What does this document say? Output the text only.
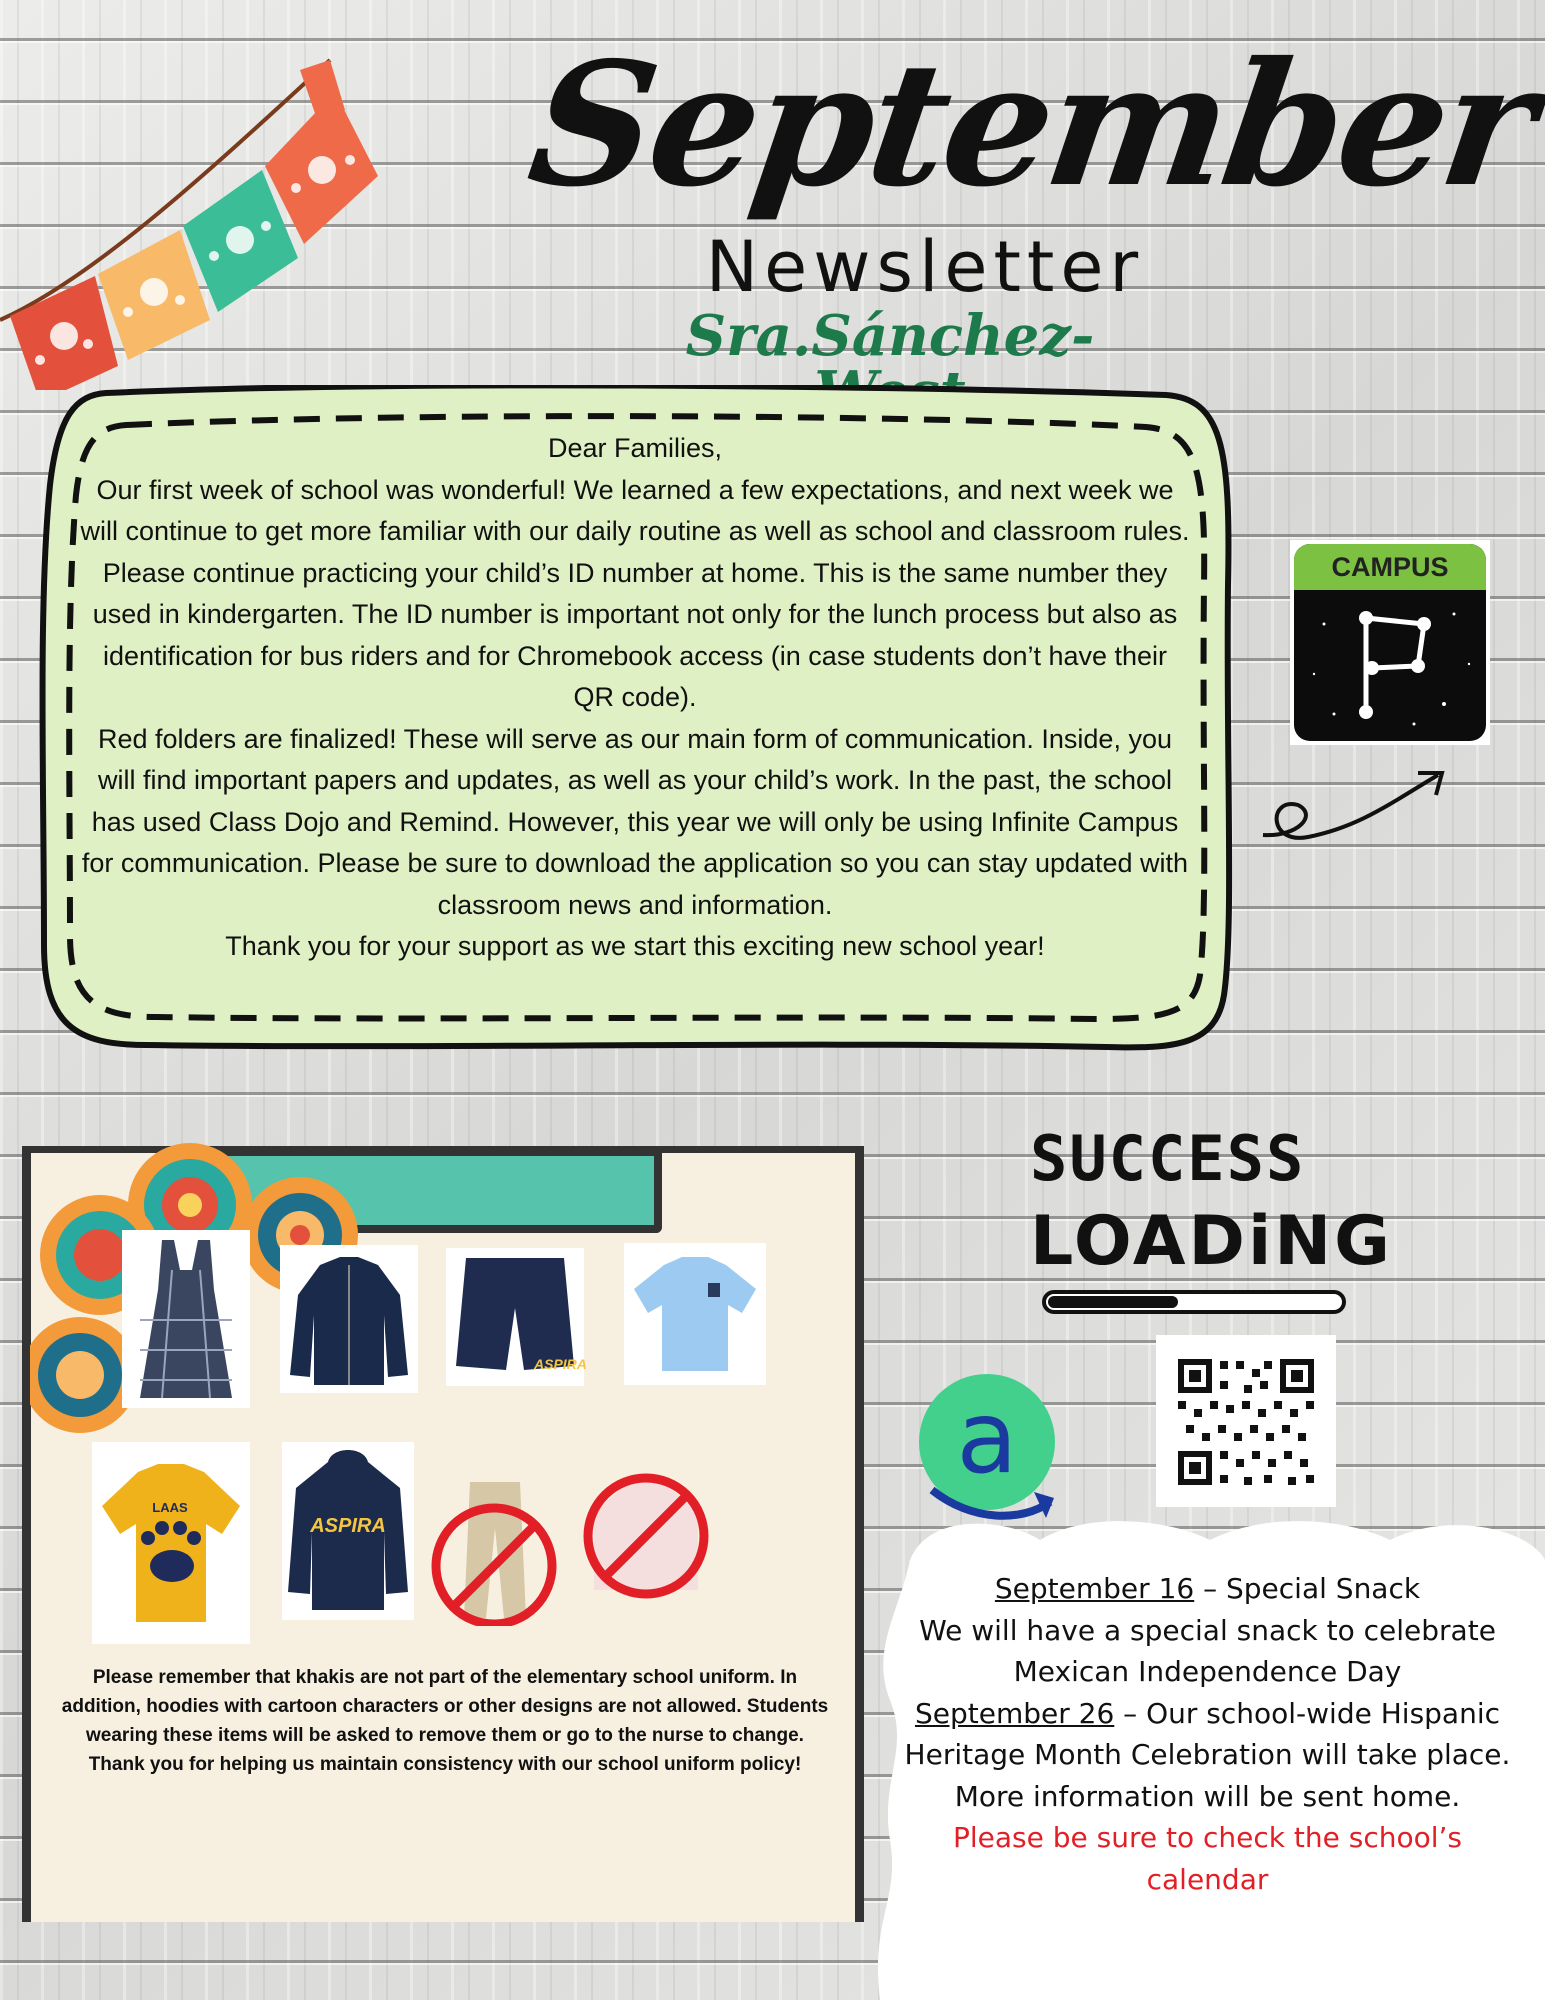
September
Newsletter
Sra.Sánchez-

Dear Families,

Our first week of school was wonderful! We learned a few expectations, and next week we will continue to get more familiar with our daily routine as well as school and classroom rules.

Please continue practicing your child’s ID number at home. This is the same number they used in kindergarten. The ID number is important not only for the lunch process but also as identification for bus riders and for Chromebook access (in case students don’t have their QR code).

Red folders are finalized! These will serve as our main form of communication. Inside, you will find important papers and updates, as well as your child’s work. In the past, the school has used Class Dojo and Remind. However, this year we will only be using Infinite Campus for communication. Please be sure to download the application so you can stay updated with classroom news and information.

Thank you for your support as we start this exciting new school year!

CAMPUS
ASPIRA
LAAS
ASPIRA

Please remember that khakis are not part of the elementary school uniform. In addition, hoodies with cartoon characters or other designs are not allowed. Students wearing these items will be asked to remove them or go to the nurse to change.

Thank you for helping us maintain consistency with our school uniform policy!

SUCCESS
LOADiNG
a

September 16 – Special Snack

We will have a special snack to celebrate Mexican Independence Day

September 26 – Our school-wide Hispanic Heritage Month Celebration will take place. More information will be sent home.

Please be sure to check the school’s calendar
